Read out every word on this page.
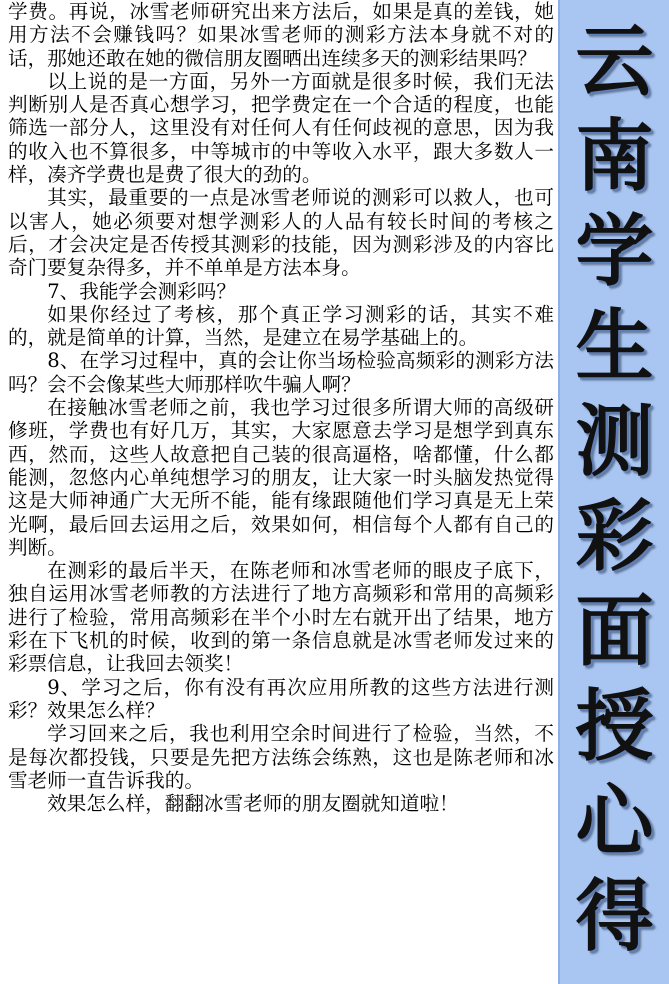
学费。再说，冰雪老师研究出来方法后，如果是真的差钱，她用方法不会赚钱吗？如果冰雪老师的测彩方法本身就不对的话，那她还敢在她的微信朋友圈晒出连续多天的测彩结果吗？

以上说的是一方面，另外一方面就是很多时候，我们无法判断别人是否真心想学习，把学费定在一个合适的程度，也能筛选一部分人，这里没有对任何人有任何歧视的意思，因为我的收入也不算很多，中等城市的中等收入水平，跟大多数人一样，凑齐学费也是费了很大的劲的。

其实，最重要的一点是冰雪老师说的测彩可以救人，也可以害人，她必须要对想学测彩人的人品有较长时间的考核之后，才会决定是否传授其测彩的技能，因为测彩涉及的内容比奇门要复杂得多，并不单单是方法本身。

7、我能学会测彩吗？

如果你经过了考核，那个真正学习测彩的话，其实不难的，就是简单的计算，当然，是建立在易学基础上的。

8、在学习过程中，真的会让你当场检验高频彩的测彩方法吗？会不会像某些大师那样吹牛骗人啊？

在接触冰雪老师之前，我也学习过很多所谓大师的高级研修班，学费也有好几万，其实，大家愿意去学习是想学到真东西，然而，这些人故意把自己装的很高逼格，啥都懂，什么都能测，忽悠内心单纯想学习的朋友，让大家一时头脑发热觉得这是大师神通广大无所不能，能有缘跟随他们学习真是无上荣光啊，最后回去运用之后，效果如何，相信每个人都有自己的判断。

在测彩的最后半天，在陈老师和冰雪老师的眼皮子底下，独自运用冰雪老师教的方法进行了地方高频彩和常用的高频彩进行了检验，常用高频彩在半个小时左右就开出了结果，地方彩在下飞机的时候，收到的第一条信息就是冰雪老师发过来的彩票信息，让我回去领奖！

9、学习之后，你有没有再次应用所教的这些方法进行测彩？效果怎么样？

学习回来之后，我也利用空余时间进行了检验，当然，不是每次都投钱，只要是先把方法练会练熟，这也是陈老师和冰雪老师一直告诉我的。

效果怎么样，翻翻冰雪老师的朋友圈就知道啦！

云
南
学
生
测
彩
面
授
心
得
